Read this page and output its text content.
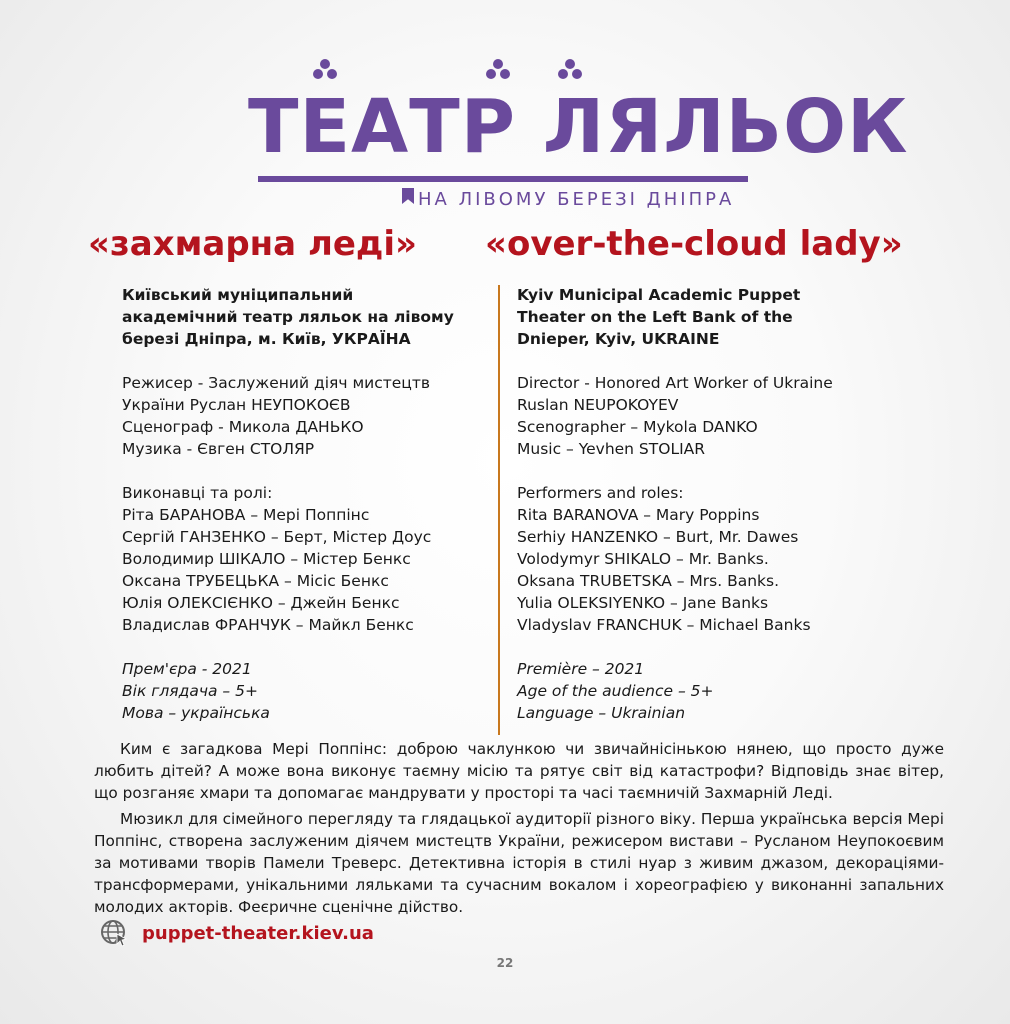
ТЕАТР ЛЯЛЬОК
НА ЛІВОМУ БЕРЕЗІ ДНІПРА
«захмарна леді» «over-the-cloud lady»

Київський муніципальний
академічний театр ляльок на лівому
березі Дніпра, м. Київ, УКРАЇНА

Режисер - Заслужений діяч мистецтв
України Руслан НЕУПОКОЄВ
Сценограф - Микола ДАНЬКО
Музика - Євген СТОЛЯР

Виконавці та ролі:
Ріта БАРАНОВА – Мері Поппінс
Сергій ГАНЗЕНКО – Берт, Містер Доус
Володимир ШІКАЛО – Містер Бенкс
Оксана ТРУБЕЦЬКА – Місіс Бенкс
Юлія ОЛЕКСІЄНКО – Джейн Бенкс
Владислав ФРАНЧУК – Майкл Бенкс

Прем'єра - 2021
Вік глядача – 5+
Мова – українська

Kyiv Municipal Academic Puppet
Theater on the Left Bank of the
Dnieper, Kyiv, UKRAINE

Director - Honored Art Worker of Ukraine
Ruslan NEUPOKOYEV
Scenographer – Mykola DANKO
Music – Yevhen STOLIAR

Performers and roles:
Rita BARANOVA – Mary Poppins
Serhiy HANZENKO – Burt, Mr. Dawes
Volodymyr SHIKALO – Mr. Banks.
Oksana TRUBETSKA – Mrs. Banks.
Yulia OLEKSIYENKO – Jane Banks
Vladyslav FRANCHUK – Michael Banks

Première – 2021
Age of the audience – 5+
Language – Ukrainian

Ким є загадкова Мері Поппінс: доброю чаклункою чи звичайнісінькою нянею, що просто дуже любить дітей? А може вона виконує таємну місію та рятує світ від катастрофи? Відповідь знає вітер, що розганяє хмари та допомагає мандрувати у просторі та часі таємничій Захмарній Леді.

Мюзикл для сімейного перегляду та глядацької аудиторії різного віку. Перша українська версія Мері Поппінс, створена заслуженим діячем мистецтв України, режисером вистави – Русланом Неупокоєвим за мотивами творів Памели Треверс. Детективна історія в стилі нуар з живим джазом, декораціями-трансформерами, унікальними ляльками та сучасним вокалом і хореографією у виконанні запальних молодих акторів. Феєричне сценічне дійство.

puppet-theater.kiev.ua
22
